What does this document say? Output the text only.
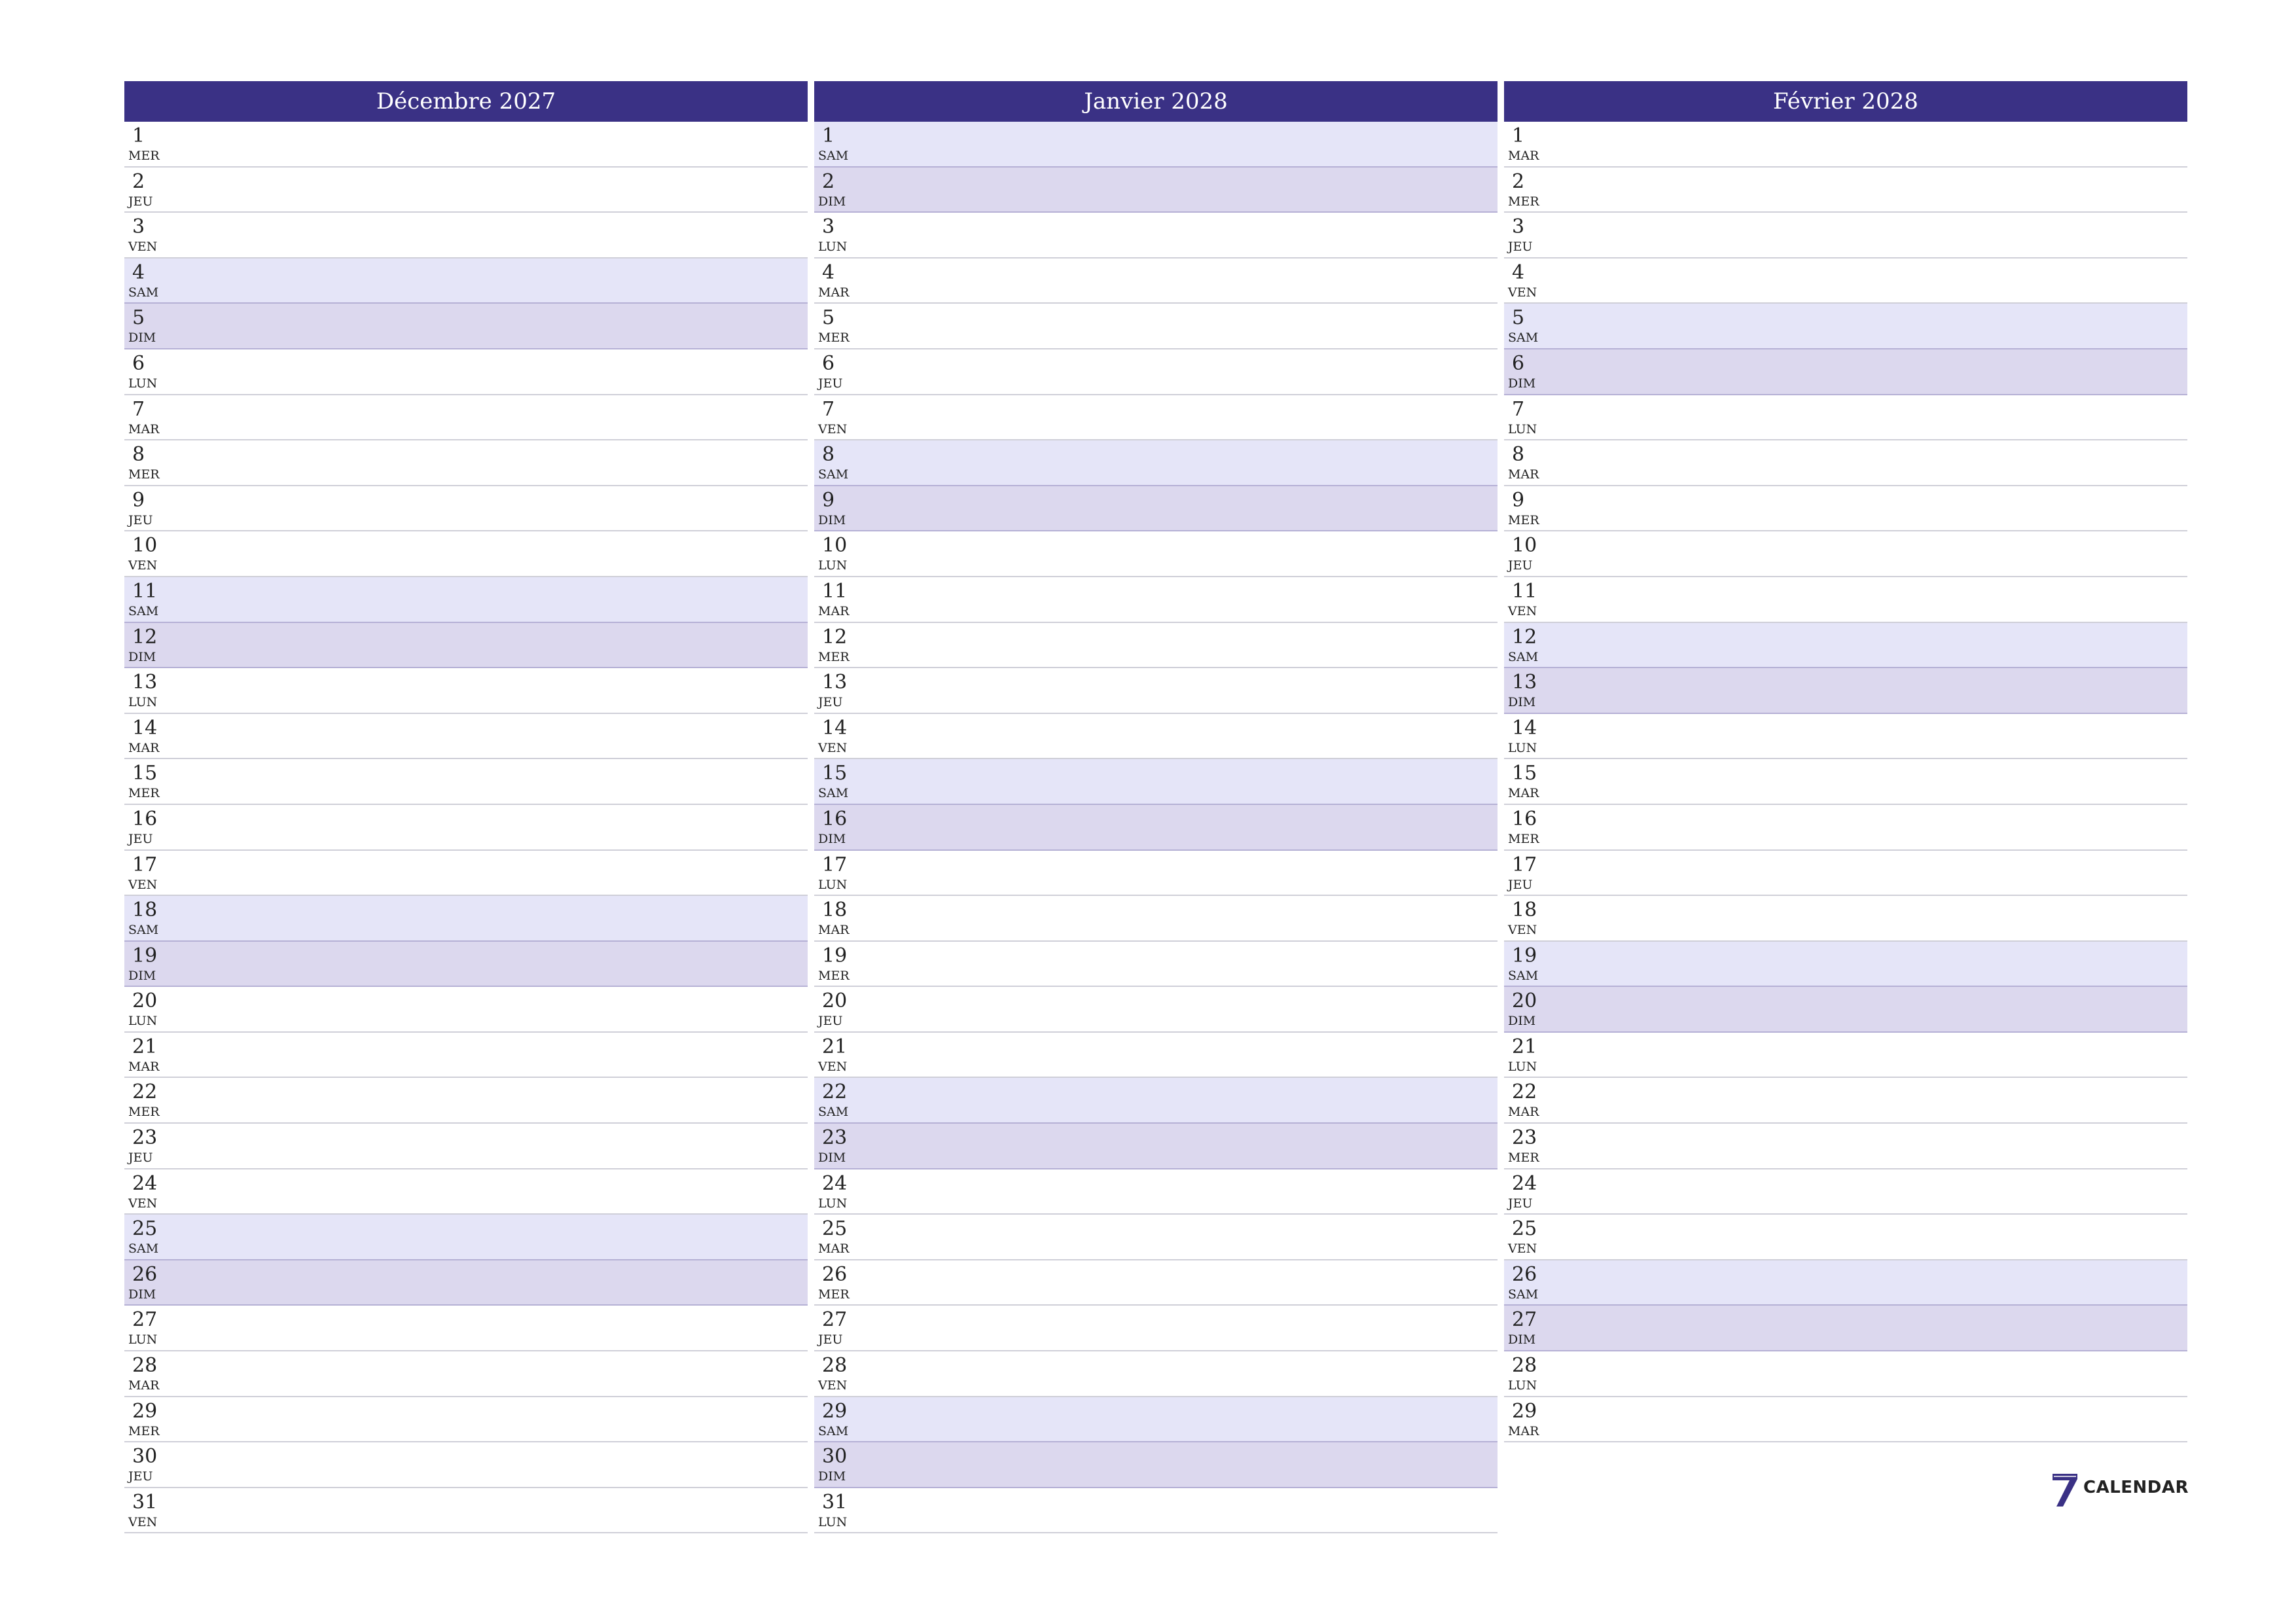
Décembre 2027
1
MER
2
JEU
3
VEN
4
SAM
5
DIM
6
LUN
7
MAR
8
MER
9
JEU
10
VEN
11
SAM
12
DIM
13
LUN
14
MAR
15
MER
16
JEU
17
VEN
18
SAM
19
DIM
20
LUN
21
MAR
22
MER
23
JEU
24
VEN
25
SAM
26
DIM
27
LUN
28
MAR
29
MER
30
JEU
31
VEN
Janvier 2028
1
SAM
2
DIM
3
LUN
4
MAR
5
MER
6
JEU
7
VEN
8
SAM
9
DIM
10
LUN
11
MAR
12
MER
13
JEU
14
VEN
15
SAM
16
DIM
17
LUN
18
MAR
19
MER
20
JEU
21
VEN
22
SAM
23
DIM
24
LUN
25
MAR
26
MER
27
JEU
28
VEN
29
SAM
30
DIM
31
LUN
Février 2028
1
MAR
2
MER
3
JEU
4
VEN
5
SAM
6
DIM
7
LUN
8
MAR
9
MER
10
JEU
11
VEN
12
SAM
13
DIM
14
LUN
15
MAR
16
MER
17
JEU
18
VEN
19
SAM
20
DIM
21
LUN
22
MAR
23
MER
24
JEU
25
VEN
26
SAM
27
DIM
28
LUN
29
MAR
CALENDAR
